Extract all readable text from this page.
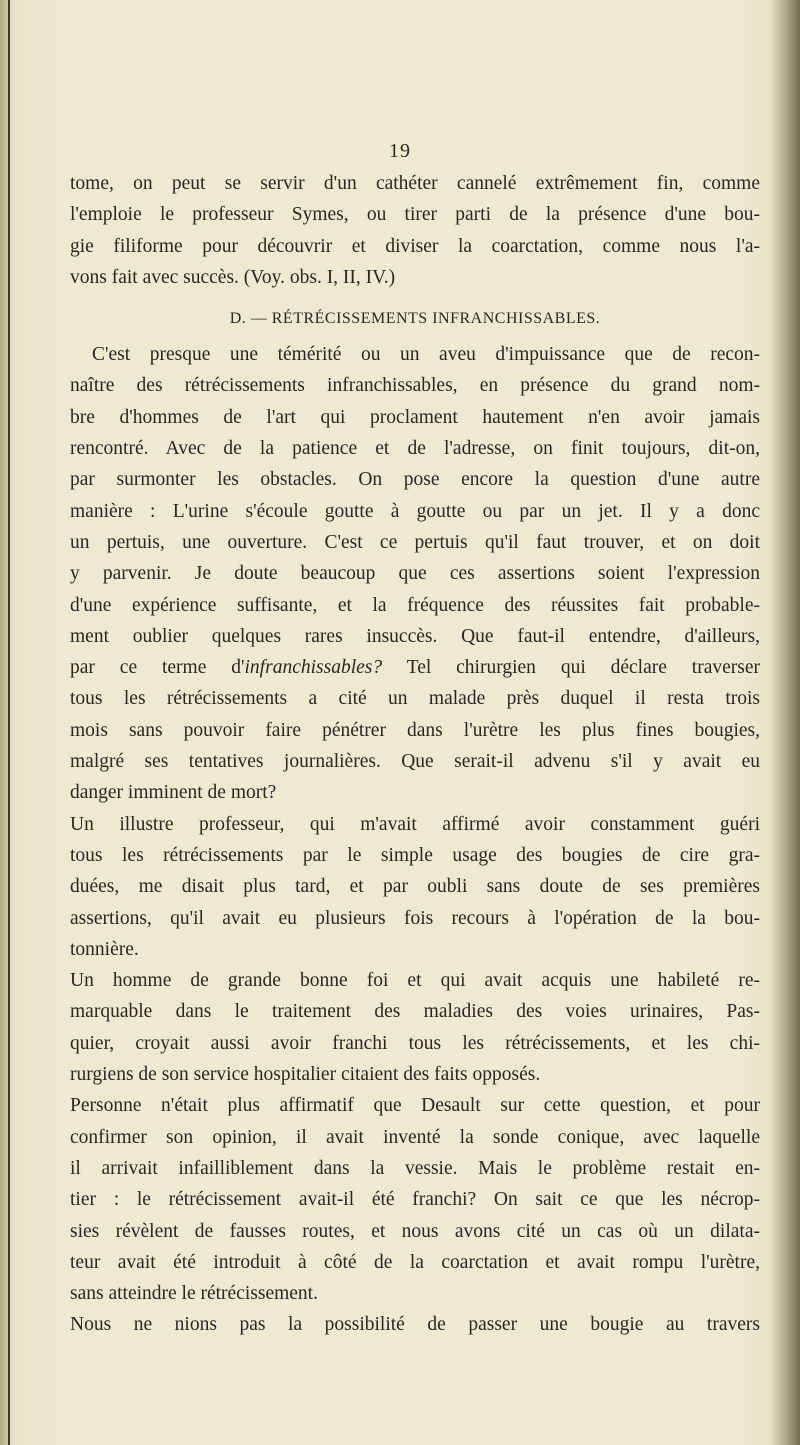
19
tome, on peut se servir d'un cathéter cannelé extrêmement fin, comme
l'emploie le professeur Symes, ou tirer parti de la présence d'une bou-
gie filiforme pour découvrir et diviser la coarctation, comme nous l'a-
vons fait avec succès. (Voy. obs. I, II, IV.)
D. — RÉTRÉCISSEMENTS INFRANCHISSABLES.
C'est presque une témérité ou un aveu d'impuissance que de recon-
naître des rétrécissements infranchissables, en présence du grand nom-
bre d'hommes de l'art qui proclament hautement n'en avoir jamais
rencontré. Avec de la patience et de l'adresse, on finit toujours, dit-on,
par surmonter les obstacles. On pose encore la question d'une autre
manière : L'urine s'écoule goutte à goutte ou par un jet. Il y a donc
un pertuis, une ouverture. C'est ce pertuis qu'il faut trouver, et on doit
y parvenir. Je doute beaucoup que ces assertions soient l'expression
d'une expérience suffisante, et la fréquence des réussites fait probable-
ment oublier quelques rares insuccès. Que faut-il entendre, d'ailleurs,
par ce terme d'infranchissables? Tel chirurgien qui déclare traverser
tous les rétrécissements a cité un malade près duquel il resta trois
mois sans pouvoir faire pénétrer dans l'urètre les plus fines bougies,
malgré ses tentatives journalières. Que serait-il advenu s'il y avait eu
danger imminent de mort?
Un illustre professeur, qui m'avait affirmé avoir constamment guéri
tous les rétrécissements par le simple usage des bougies de cire gra-
duées, me disait plus tard, et par oubli sans doute de ses premières
assertions, qu'il avait eu plusieurs fois recours à l'opération de la bou-
tonnière.
Un homme de grande bonne foi et qui avait acquis une habileté re-
marquable dans le traitement des maladies des voies urinaires, Pas-
quier, croyait aussi avoir franchi tous les rétrécissements, et les chi-
rurgiens de son service hospitalier citaient des faits opposés.
Personne n'était plus affirmatif que Desault sur cette question, et pour
confirmer son opinion, il avait inventé la sonde conique, avec laquelle
il arrivait infailliblement dans la vessie. Mais le problème restait en-
tier : le rétrécissement avait-il été franchi? On sait ce que les nécrop-
sies révèlent de fausses routes, et nous avons cité un cas où un dilata-
teur avait été introduit à côté de la coarctation et avait rompu l'urètre,
sans atteindre le rétrécissement.
Nous ne nions pas la possibilité de passer une bougie au travers
